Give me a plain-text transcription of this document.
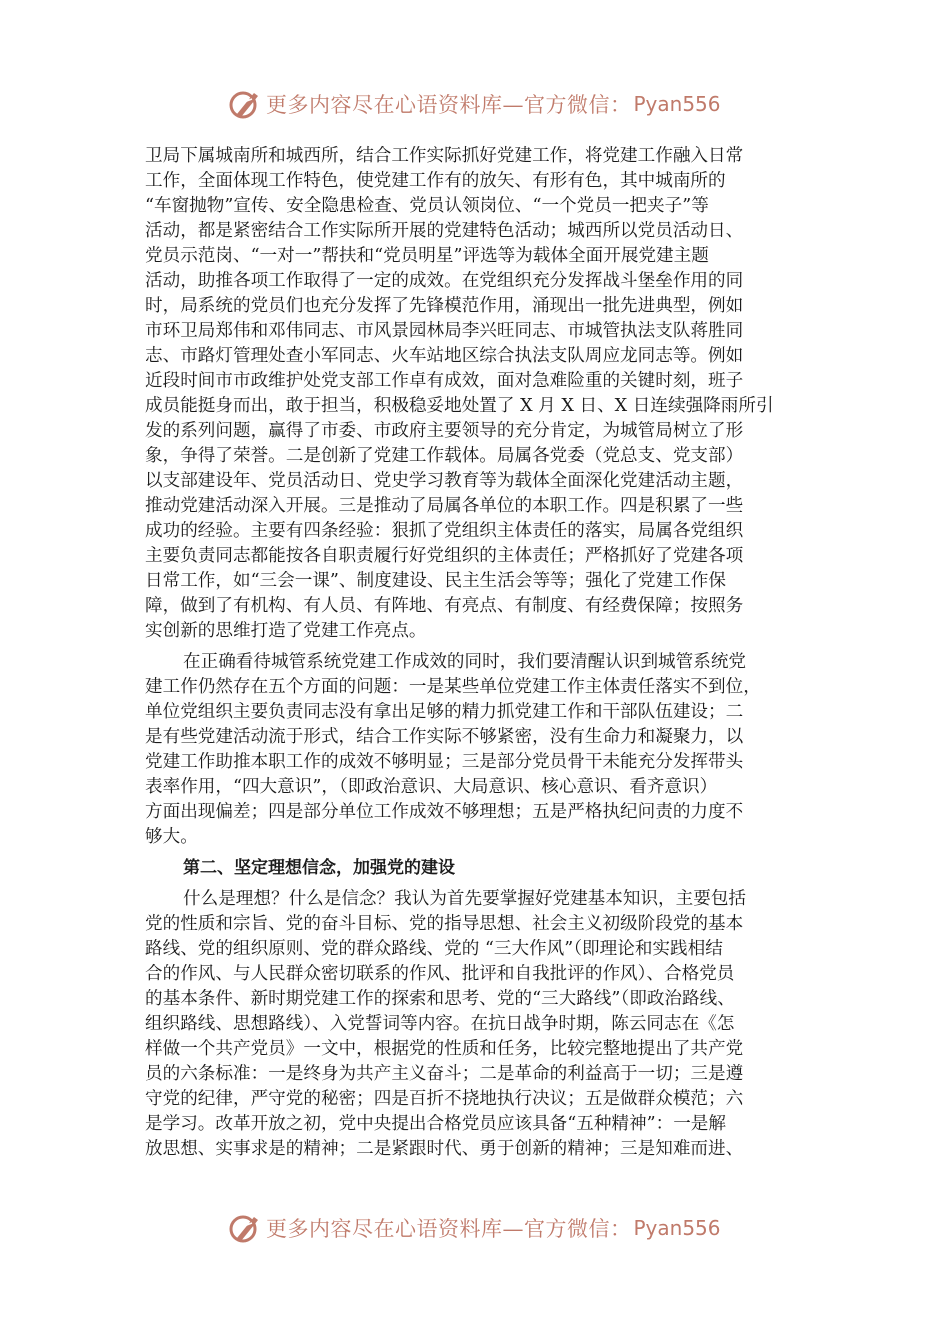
更多内容尽在心语资料库—官方微信： Pyan556
卫局下属城南所和城西所，结合工作实际抓好党建工作，将党建工作融入日常
工作，全面体现工作特色，使党建工作有的放矢、有形有色，其中城南所的
“车窗抛物”宣传、安全隐患检查、党员认领岗位、“一个党员一把夹子”等
活动，都是紧密结合工作实际所开展的党建特色活动；城西所以党员活动日、
党员示范岗、“一对一”帮扶和“党员明星”评选等为载体全面开展党建主题
活动，助推各项工作取得了一定的成效。在党组织充分发挥战斗堡垒作用的同
时，局系统的党员们也充分发挥了先锋模范作用，涌现出一批先进典型，例如
市环卫局郑伟和邓伟同志、市风景园林局李兴旺同志、市城管执法支队蒋胜同
志、市路灯管理处查小军同志、火车站地区综合执法支队周应龙同志等。例如
近段时间市市政维护处党支部工作卓有成效，面对急难险重的关键时刻，班子
成员能挺身而出，敢于担当，积极稳妥地处置了 X 月 X 日、X 日连续强降雨所引
发的系列问题，赢得了市委、市政府主要领导的充分肯定，为城管局树立了形
象，争得了荣誉。二是创新了党建工作载体。局属各党委（党总支、党支部）
以支部建设年、党员活动日、党史学习教育等为载体全面深化党建活动主题，
推动党建活动深入开展。三是推动了局属各单位的本职工作。四是积累了一些
成功的经验。主要有四条经验：狠抓了党组织主体责任的落实，局属各党组织
主要负责同志都能按各自职责履行好党组织的主体责任；严格抓好了党建各项
日常工作，如“三会一课”、制度建设、民主生活会等等；强化了党建工作保
障，做到了有机构、有人员、有阵地、有亮点、有制度、有经费保障；按照务
实创新的思维打造了党建工作亮点。
在正确看待城管系统党建工作成效的同时，我们要清醒认识到城管系统党
建工作仍然存在五个方面的问题：一是某些单位党建工作主体责任落实不到位，
单位党组织主要负责同志没有拿出足够的精力抓党建工作和干部队伍建设；二
是有些党建活动流于形式，结合工作实际不够紧密，没有生命力和凝聚力，以
党建工作助推本职工作的成效不够明显；三是部分党员骨干未能充分发挥带头
表率作用，“四大意识”，（即政治意识、大局意识、核心意识、看齐意识）
方面出现偏差；四是部分单位工作成效不够理想；五是严格执纪问责的力度不
够大。
第二、坚定理想信念，加强党的建设
什么是理想？什么是信念？我认为首先要掌握好党建基本知识，主要包括
党的性质和宗旨、党的奋斗目标、党的指导思想、社会主义初级阶段党的基本
路线、党的组织原则、党的群众路线、党的 “三大作风”（即理论和实践相结
合的作风、与人民群众密切联系的作风、批评和自我批评的作风）、合格党员
的基本条件、新时期党建工作的探索和思考、党的“三大路线”（即政治路线、
组织路线、思想路线）、入党誓词等内容。在抗日战争时期，陈云同志在《怎
样做一个共产党员》一文中，根据党的性质和任务，比较完整地提出了共产党
员的六条标准：一是终身为共产主义奋斗；二是革命的利益高于一切；三是遵
守党的纪律，严守党的秘密；四是百折不挠地执行决议；五是做群众模范；六
是学习。改革开放之初，党中央提出合格党员应该具备“五种精神”：一是解
放思想、实事求是的精神；二是紧跟时代、勇于创新的精神；三是知难而进、
更多内容尽在心语资料库—官方微信： Pyan556
